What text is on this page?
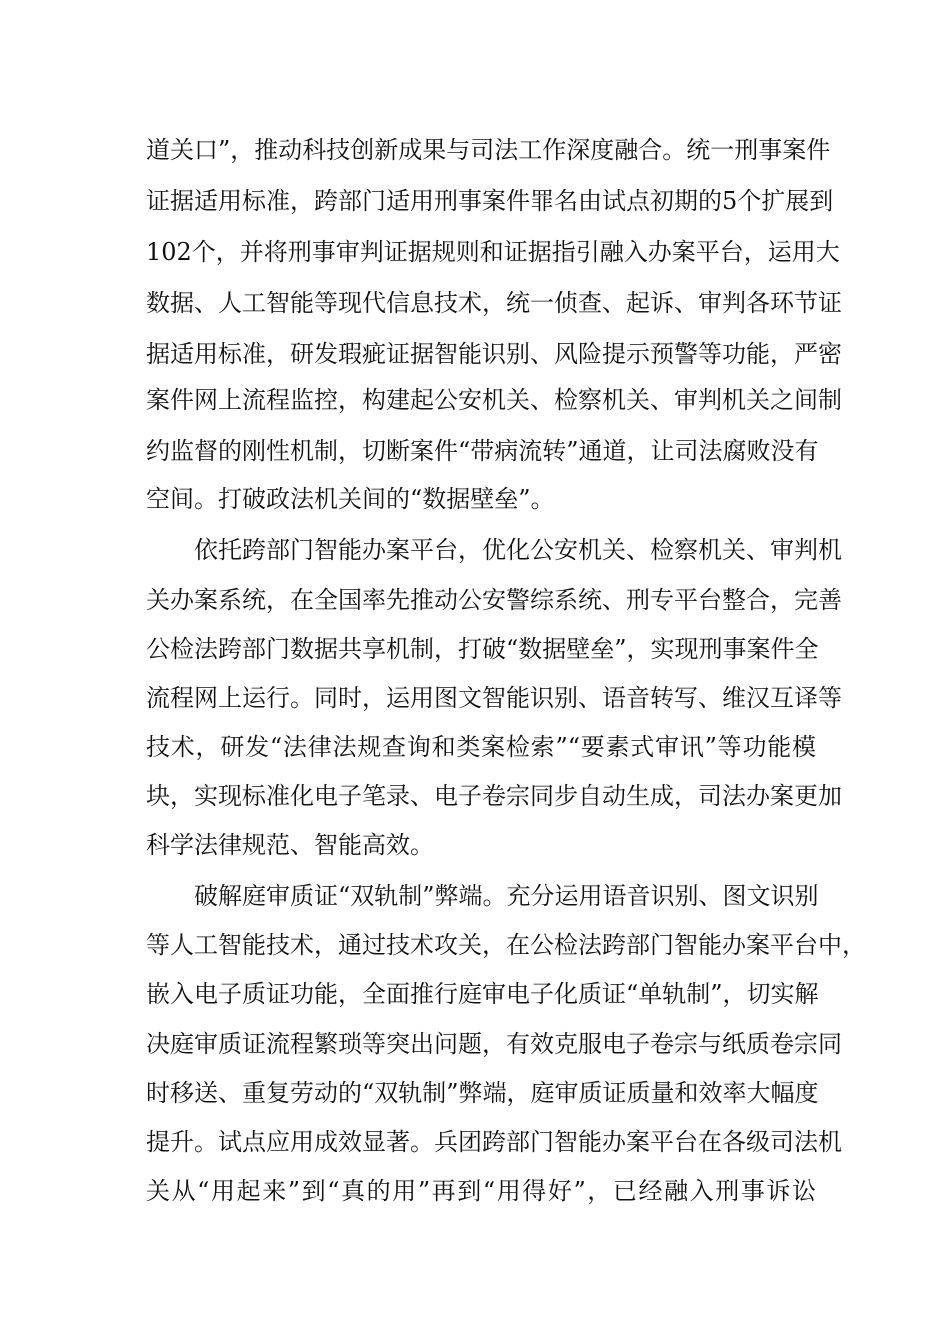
道关口”，推动科技创新成果与司法工作深度融合。统一刑事案件
证据适用标准，跨部门适用刑事案件罪名由试点初期的5个扩展到
102个，并将刑事审判证据规则和证据指引融入办案平台，运用大
数据、人工智能等现代信息技术，统一侦查、起诉、审判各环节证
据适用标准，研发瑕疵证据智能识别、风险提示预警等功能，严密
案件网上流程监控，构建起公安机关、检察机关、审判机关之间制
约监督的刚性机制，切断案件“带病流转”通道，让司法腐败没有
空间。打破政法机关间的“数据壁垒”。
依托跨部门智能办案平台，优化公安机关、检察机关、审判机
关办案系统，在全国率先推动公安警综系统、刑专平台整合，完善
公检法跨部门数据共享机制，打破“数据壁垒”，实现刑事案件全
流程网上运行。同时，运用图文智能识别、语音转写、维汉互译等
技术，研发“法律法规查询和类案检索”“要素式审讯”等功能模
块，实现标准化电子笔录、电子卷宗同步自动生成，司法办案更加
科学法律规范、智能高效。
破解庭审质证“双轨制”弊端。充分运用语音识别、图文识别
等人工智能技术，通过技术攻关，在公检法跨部门智能办案平台中，
嵌入电子质证功能，全面推行庭审电子化质证“单轨制”，切实解
决庭审质证流程繁琐等突出问题，有效克服电子卷宗与纸质卷宗同
时移送、重复劳动的“双轨制”弊端，庭审质证质量和效率大幅度
提升。试点应用成效显著。兵团跨部门智能办案平台在各级司法机
关从“用起来”到“真的用”再到“用得好”，已经融入刑事诉讼
